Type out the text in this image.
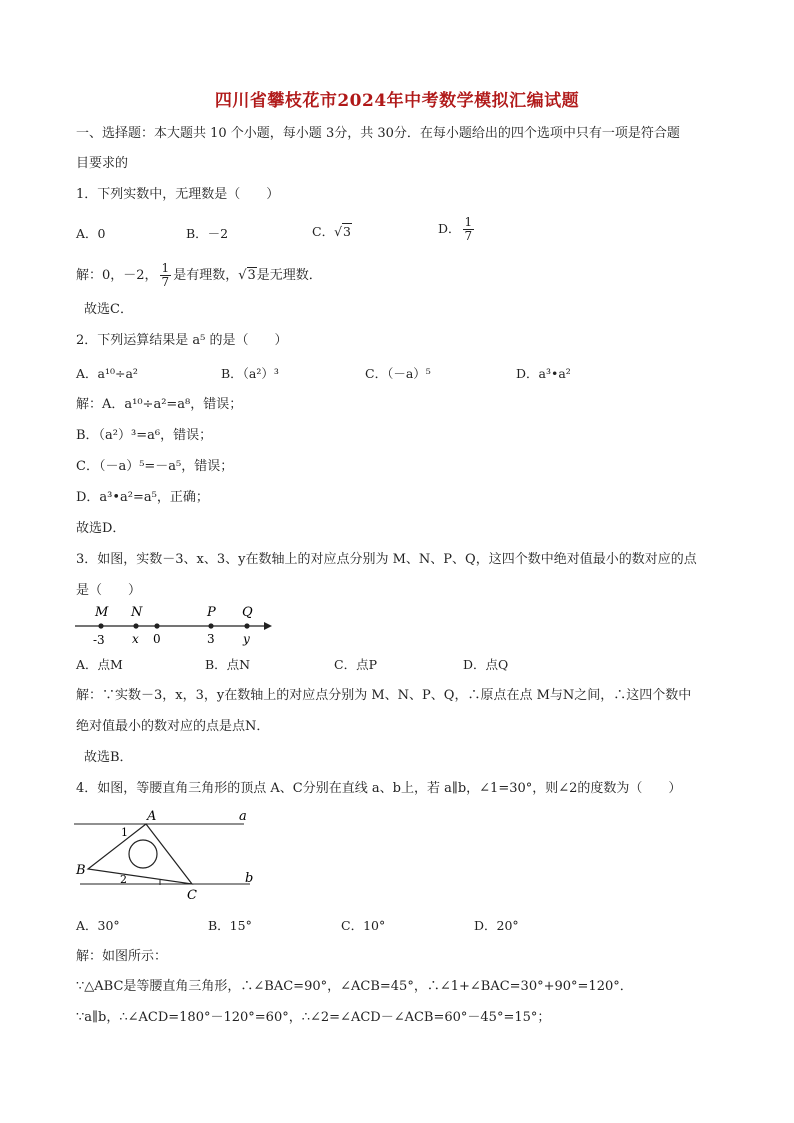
四川省攀枝花市2024年中考数学模拟汇编试题
一、选择题：本大题共 10 个小题，每小题 3分，共 30分．在每小题给出的四个选项中只有一项是符合题
目要求的
1．下列实数中，无理数是（　　）
A．0	B．－2	C．√3	D． $\frac{1}{7}$
解：0，－2， $\frac{1}{7}$ 是有理数，√3是无理数．
故选C．
2．下列运算结果是 a⁵ 的是（　　）
A．a¹⁰÷a²	B．（a²）³	C．（－a）⁵	D．a³•a²
解：A．a¹⁰÷a²=a⁸，错误；
B．（a²）³=a⁶，错误；
C．（－a）⁵=－a⁵，错误；
D．a³•a²=a⁵，正确；
故选D．
3．如图，实数－3、x、3、y在数轴上的对应点分别为 M、N、P、Q，这四个数中绝对值最小的数对应的点
是（　　）
M N	P Q
-3 x 0	3 y
A．点M	B．点N	C．点P	D．点Q
解：∵实数－3，x，3，y在数轴上的对应点分别为 M、N、P、Q，∴原点在点 M与N之间，∴这四个数中
绝对值最小的数对应的点是点N．
故选B．
4．如图，等腰直角三角形的顶点 A、C分别在直线 a、b上，若 a∥b，∠1=30°，则∠2的度数为（　　）
A
B
C
a
b
1
2
A．30°	B．15°	C．10°	D．20°
解：如图所示：
∵△ABC是等腰直角三角形，∴∠BAC=90°，∠ACB=45°，∴∠1+∠BAC=30°+90°=120°．
∵a∥b，∴∠ACD=180°－120°=60°，∴∠2=∠ACD－∠ACB=60°－45°=15°；
